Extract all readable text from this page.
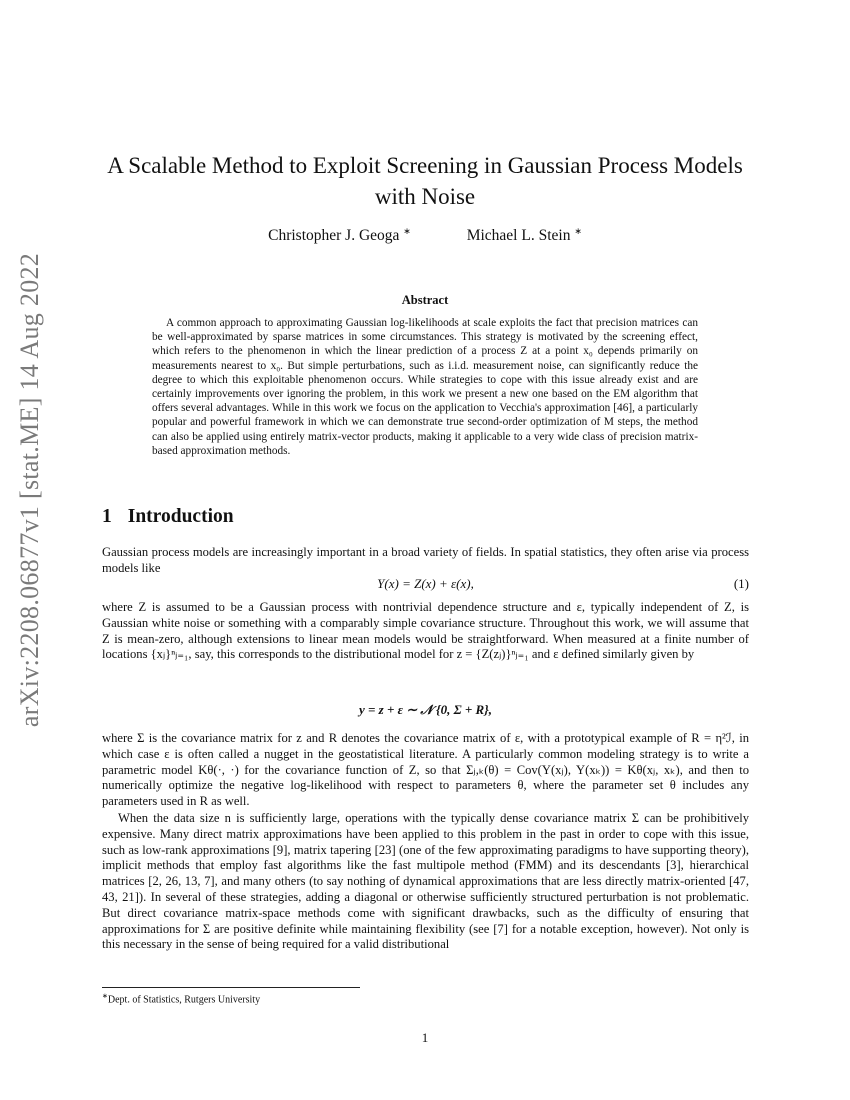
arXiv:2208.06877v1 [stat.ME] 14 Aug 2022
A Scalable Method to Exploit Screening in Gaussian Process Models with Noise
Christopher J. Geoga ∗	Michael L. Stein ∗
Abstract
A common approach to approximating Gaussian log-likelihoods at scale exploits the fact that precision matrices can be well-approximated by sparse matrices in some circumstances. This strategy is motivated by the screening effect, which refers to the phenomenon in which the linear prediction of a process Z at a point x₀ depends primarily on measurements nearest to x₀. But simple perturbations, such as i.i.d. measurement noise, can significantly reduce the degree to which this exploitable phenomenon occurs. While strategies to cope with this issue already exist and are certainly improvements over ignoring the problem, in this work we present a new one based on the EM algorithm that offers several advantages. While in this work we focus on the application to Vecchia's approximation [46], a particularly popular and powerful framework in which we can demonstrate true second-order optimization of M steps, the method can also be applied using entirely matrix-vector products, making it applicable to a very wide class of precision matrix-based approximation methods.
1 Introduction
Gaussian process models are increasingly important in a broad variety of fields. In spatial statistics, they often arise via process models like
Y(x) = Z(x) + ε(x),	(1)
where Z is assumed to be a Gaussian process with nontrivial dependence structure and ε, typically independent of Z, is Gaussian white noise or something with a comparably simple covariance structure. Throughout this work, we will assume that Z is mean-zero, although extensions to linear mean models would be straightforward. When measured at a finite number of locations {xⱼ}ⁿⱼ₌₁, say, this corresponds to the distributional model for z = {Z(zⱼ)}ⁿⱼ₌₁ and ε defined similarly given by
y = z + ε ∼ 𝒩 {0, Σ + R},
where Σ is the covariance matrix for z and R denotes the covariance matrix of ε, with a prototypical example of R = η²ℐ, in which case ε is often called a nugget in the geostatistical literature. A particularly common modeling strategy is to write a parametric model Kθ(·, ·) for the covariance function of Z, so that Σⱼ,ₖ(θ) = Cov(Y(xⱼ), Y(xₖ)) = Kθ(xⱼ, xₖ), and then to numerically optimize the negative log-likelihood with respect to parameters θ, where the parameter set θ includes any parameters used in R as well.
When the data size n is sufficiently large, operations with the typically dense covariance matrix Σ can be prohibitively expensive. Many direct matrix approximations have been applied to this problem in the past in order to cope with this issue, such as low-rank approximations [9], matrix tapering [23] (one of the few approximating paradigms to have supporting theory), implicit methods that employ fast algorithms like the fast multipole method (FMM) and its descendants [3], hierarchical matrices [2, 26, 13, 7], and many others (to say nothing of dynamical approximations that are less directly matrix-oriented [47, 43, 21]). In several of these strategies, adding a diagonal or otherwise sufficiently structured perturbation is not problematic. But direct covariance matrix-space methods come with significant drawbacks, such as the difficulty of ensuring that approximations for Σ are positive definite while maintaining flexibility (see [7] for a notable exception, however). Not only is this necessary in the sense of being required for a valid distributional
∗Dept. of Statistics, Rutgers University
1
